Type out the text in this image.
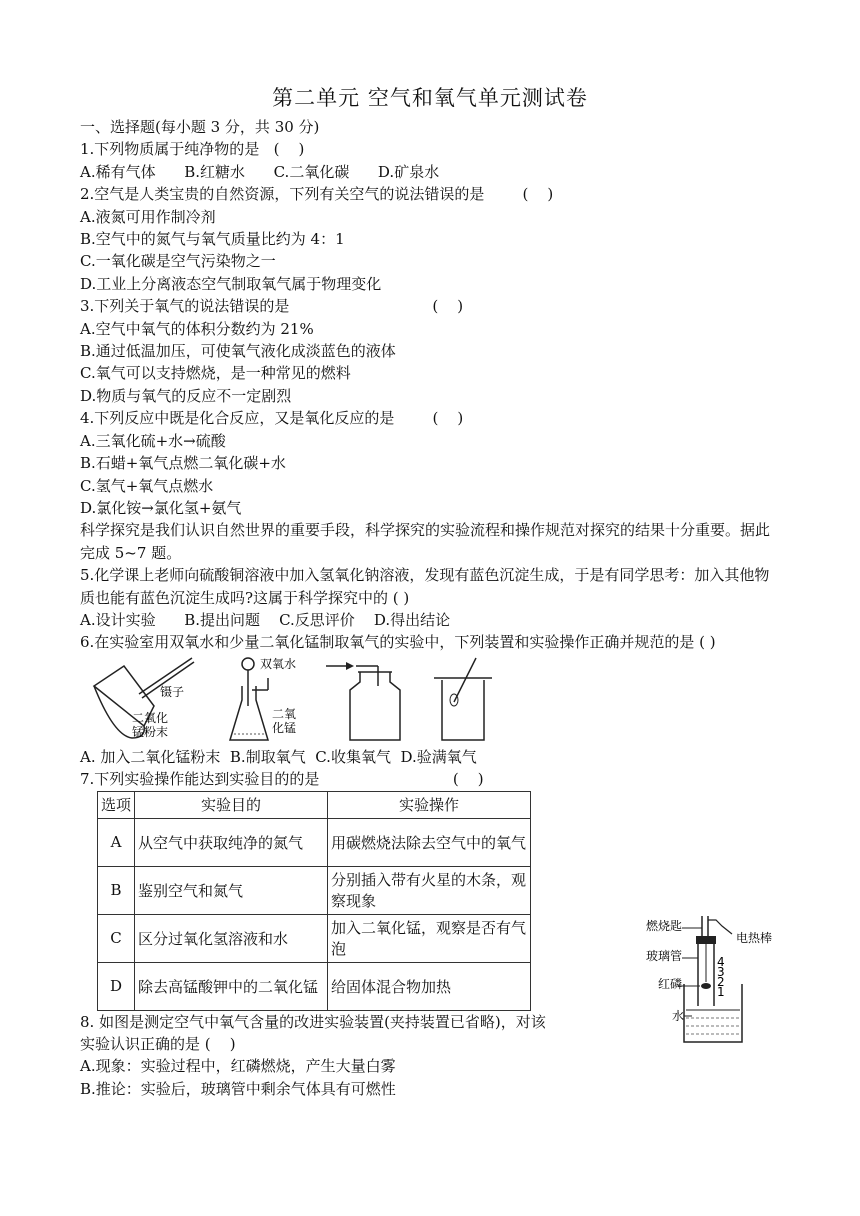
第二单元 空气和氧气单元测试卷

一、选择题(每小题 3 分，共 30 分)

1.下列物质属于纯净物的是   (    )

A.稀有气体      B.红糖水      C.二氧化碳      D.矿泉水

2.空气是人类宝贵的自然资源，下列有关空气的说法错误的是        (    )

A.液氮可用作制冷剂

B.空气中的氮气与氧气质量比约为 4：1

C.一氧化碳是空气污染物之一

D.工业上分离液态空气制取氧气属于物理变化

3.下列关于氧气的说法错误的是                              (    )

A.空气中氧气的体积分数约为 21%

B.通过低温加压，可使氧气液化成淡蓝色的液体

C.氧气可以支持燃烧，是一种常见的燃料

D.物质与氧气的反应不一定剧烈

4.下列反应中既是化合反应，又是氧化反应的是        (    )

A.三氧化硫+水→硫酸

B.石蜡+氧气点燃二氧化碳+水

C.氢气+氧气点燃水

D.氯化铵→氯化氢+氨气

科学探究是我们认识自然世界的重要手段，科学探究的实验流程和操作规范对探究的结果十分重要。据此完成 5~7 题。

5.化学课上老师向硫酸铜溶液中加入氢氧化钠溶液，发现有蓝色沉淀生成，于是有同学思考：加入其他物质也能有蓝色沉淀生成吗?这属于科学探究中的 ( )

A.设计实验      B.提出问题    C.反思评价    D.得出结论

6.在实验室用双氧水和少量二氧化锰制取氧气的实验中，下列装置和实验操作正确并规范的是 ( )

镊子
二氧化
锰粉末
双氧水
二氧
化锰

A. 加入二氧化锰粉末  B.制取氧气  C.收集氧气  D.验满氧气

7.下列实验操作能达到实验目的的是                            (    )

选项	实验目的	实验操作
A	从空气中获取纯净的氮气	用碳燃烧法除去空气中的氧气
B	鉴别空气和氮气	分别插入带有火星的木条，观察现象
C	区分过氧化氢溶液和水	加入二氧化锰，观察是否有气泡
D	除去高锰酸钾中的二氧化锰	给固体混合物加热

8. 如图是测定空气中氧气含量的改进实验装置(夹持装置已省略)，对该

实验认识正确的是 (    )

A.现象：实验过程中，红磷燃烧，产生大量白雾

B.推论：实验后，玻璃管中剩余气体具有可燃性

燃烧匙
玻璃管
红磷
水
电热棒
4
3
2
1
